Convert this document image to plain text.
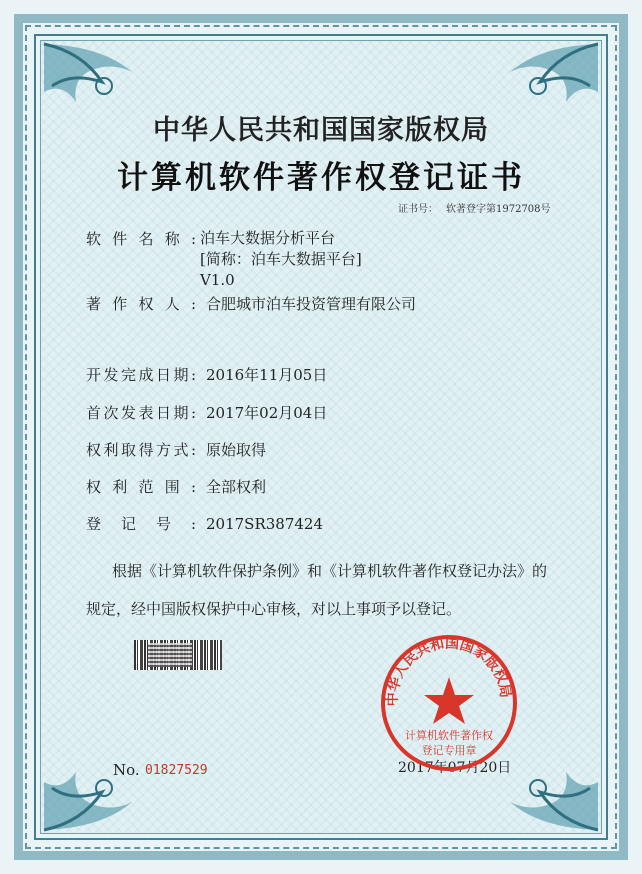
中华人民共和国国家版权局
计算机软件著作权登记证书
证书号： 软著登字第1972708号
软件名称: 泊车大数据分析平台
[简称：泊车大数据平台]
V1.0
著作权人: 合肥城市泊车投资管理有限公司
开发完成日期: 2016年11月05日
首次发表日期: 2017年02月04日
权利取得方式: 原始取得
权利范围: 全部权利
登记号: 2017SR387424
根据《计算机软件保护条例》和《计算机软件著作权登记办法》的
规定，经中国版权保护中心审核，对以上事项予以登记。
No. 01827529	2017年07月20日
中华人民共和国国家版权局
计算机软件著作权
登记专用章
